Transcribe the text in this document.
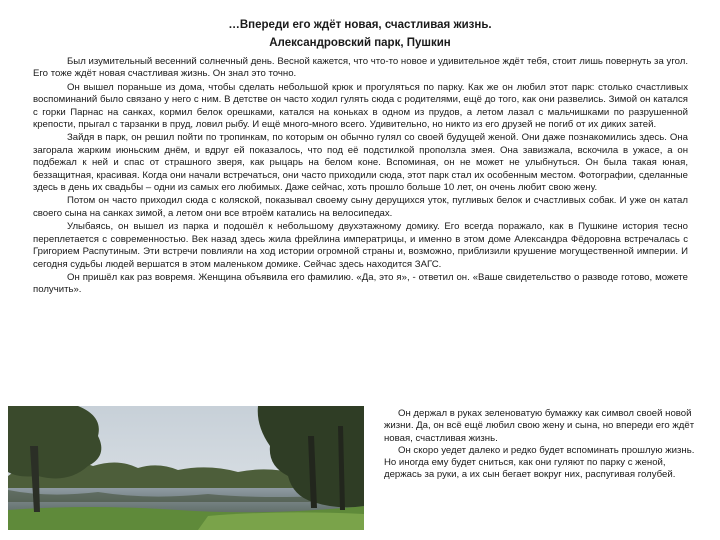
…Впереди его ждёт новая, счастливая жизнь.
Александровский парк, Пушкин

Был изумительный весенний солнечный день. Весной кажется, что что-то новое и удивительное ждёт тебя, стоит лишь повернуть за угол. Его тоже ждёт новая счастливая жизнь. Он знал это точно.

Он вышел пораньше из дома, чтобы сделать небольшой крюк и прогуляться по парку. Как же он любил этот парк: столько счастливых воспоминаний было связано у него с ним. В детстве он часто ходил гулять сюда с родителями, ещё до того, как они развелись. Зимой он катался с горки Парнас на санках, кормил белок орешками, катался на коньках в одном из прудов, а летом лазал с мальчишками по разрушенной крепости, прыгал с тарзанки в пруд, ловил рыбу. И ещё много-много всего. Удивительно, но никто из его друзей не погиб от их диких затей.

Зайдя в парк, он решил пойти по тропинкам, по которым он обычно гулял со своей будущей женой. Они даже познакомились здесь. Она загорала жарким июньским днём, и вдруг ей показалось, что под её подстилкой проползла змея. Она завизжала, вскочила в ужасе, а он подбежал к ней и спас от страшного зверя, как рыцарь на белом коне. Вспоминая, он не может не улыбнуться. Он была такая юная, беззащитная, красивая. Когда они начали встречаться, они часто приходили сюда, этот парк стал их особенным местом. Фотографии, сделанные здесь в день их свадьбы – одни из самых его любимых. Даже сейчас, хоть прошло больше 10 лет, он очень любит свою жену.

Потом он часто приходил сюда с коляской, показывал своему сыну дерущихся уток, пугливых белок и счастливых собак. И уже он катал своего сына на санках зимой, а летом они все втроём катались на велосипедах.

Улыбаясь, он вышел из парка и подошёл к небольшому двухэтажному домику. Его всегда поражало, как в Пушкине история тесно переплетается с современностью. Век назад здесь жила фрейлина императрицы, и именно в этом доме Александра Фёдоровна встречалась с Григорием Распутиным. Эти встречи повлияли на ход истории огромной страны и, возможно, приблизили крушение могущественной империи. И сегодня судьбы людей вершатся в этом маленьком домике. Сейчас здесь находится ЗАГС.

Он пришёл как раз вовремя. Женщина объявила его фамилию. «Да, это я», - ответил он. «Ваше свидетельство о разводе готово, можете получить».

Он держал в руках зеленоватую бумажку как символ своей новой жизни. Да, он всё ещё любил свою жену и сына, но впереди его ждёт новая, счастливая жизнь.

Он скоро уедет далеко и редко будет вспоминать прошлую жизнь. Но иногда ему будет сниться, как они гуляют по парку с женой, держась за руки, а их сын бегает вокруг них, распугивая голубей.
